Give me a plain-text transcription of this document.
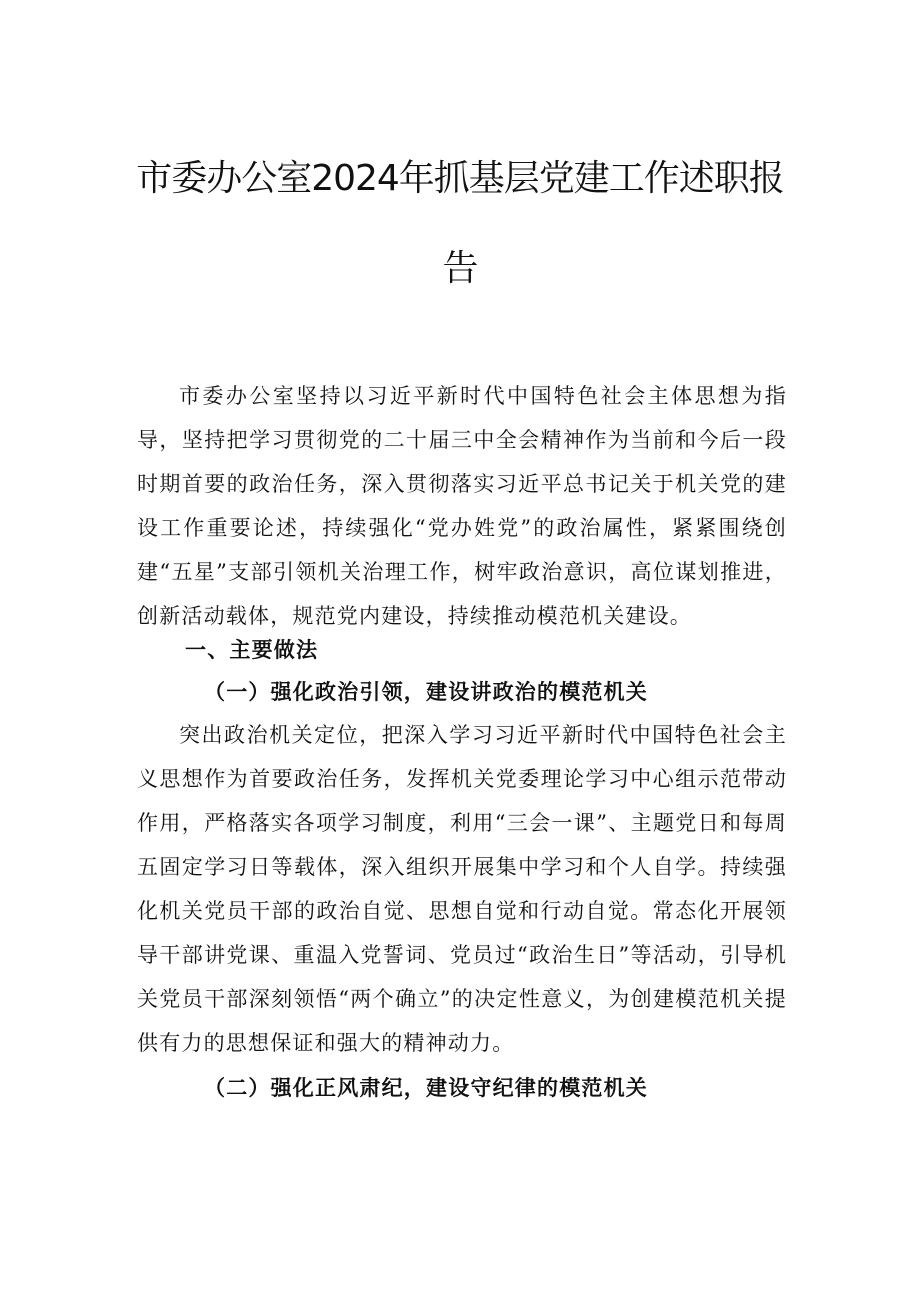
市委办公室2024年抓基层党建工作述职报
告

市委办公室坚持以习近平新时代中国特色社会主体思想为指导，坚持把学习贯彻党的二十届三中全会精神作为当前和今后一段时期首要的政治任务，深入贯彻落实习近平总书记关于机关党的建设工作重要论述，持续强化“党办姓党”的政治属性，紧紧围绕创建“五星”支部引领机关治理工作，树牢政治意识，高位谋划推进，创新活动载体，规范党内建设，持续推动模范机关建设。

一、主要做法
（一）强化政治引领，建设讲政治的模范机关

突出政治机关定位，把深入学习习近平新时代中国特色社会主义思想作为首要政治任务，发挥机关党委理论学习中心组示范带动作用，严格落实各项学习制度，利用“三会一课”、主题党日和每周五固定学习日等载体，深入组织开展集中学习和个人自学。持续强化机关党员干部的政治自觉、思想自觉和行动自觉。常态化开展领导干部讲党课、重温入党誓词、党员过“政治生日”等活动，引导机关党员干部深刻领悟“两个确立”的决定性意义，为创建模范机关提供有力的思想保证和强大的精神动力。

（二）强化正风肃纪，建设守纪律的模范机关
